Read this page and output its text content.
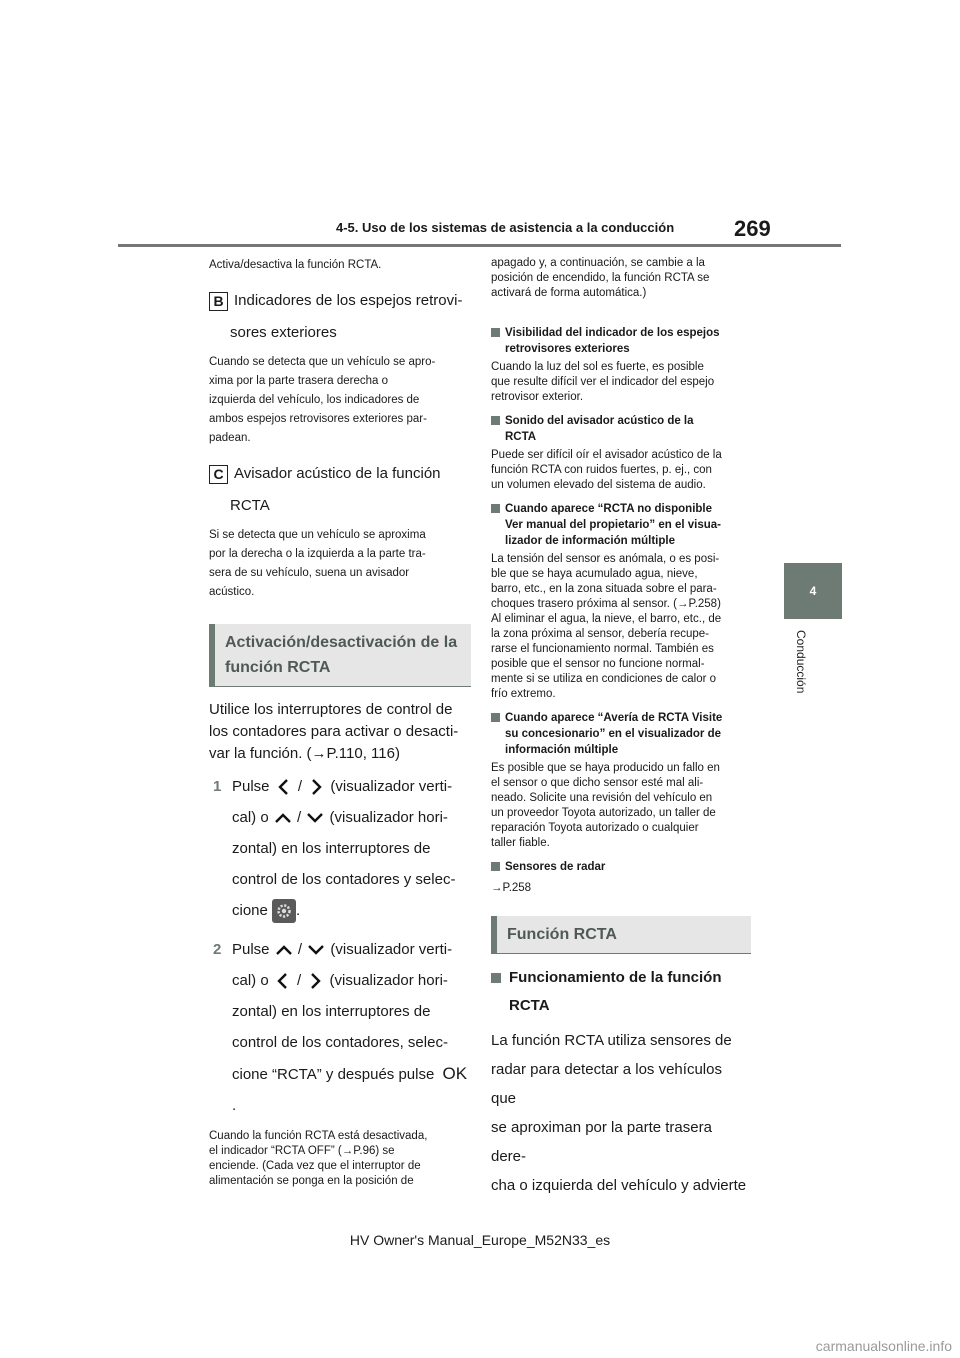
4-5. Uso de los sistemas de asistencia a la conducción	269
4
Conducción

Activa/desactiva la función RCTA.

B Indicadores de los espejos retrovi-
sores exteriores

Cuando se detecta que un vehículo se apro-

xima por la parte trasera derecha o

izquierda del vehículo, los indicadores de

ambos espejos retrovisores exteriores par-

padean.

C Avisador acústico de la función
RCTA

Si se detecta que un vehículo se aproxima

por la derecha o la izquierda a la parte tra-

sera de su vehículo, suena un avisador

acústico.

Activación/desactivación de la función RCTA

Utilice los interruptores de control de

los contadores para activar o desacti-

var la función. (→P.110, 116)

1 Pulse / (visualizador verti-

cal) o / (visualizador hori-

zontal) en los interruptores de

control de los contadores y selec-

cione .

2 Pulse / (visualizador verti-

cal) o / (visualizador hori-

zontal) en los interruptores de

control de los contadores, selec-

cione “RCTA” y después pulse OK .

Cuando la función RCTA está desactivada,

el indicador “RCTA OFF” (→P.96) se

enciende. (Cada vez que el interruptor de

alimentación se ponga en la posición de

apagado y, a continuación, se cambie a la

posición de encendido, la función RCTA se

activará de forma automática.)

Visibilidad del indicador de los espejos
retrovisores exteriores

Cuando la luz del sol es fuerte, es posible

que resulte difícil ver el indicador del espejo

retrovisor exterior.

Sonido del avisador acústico de la
RCTA

Puede ser difícil oír el avisador acústico de la

función RCTA con ruidos fuertes, p. ej., con

un volumen elevado del sistema de audio.

Cuando aparece “RCTA no disponible
Ver manual del propietario” en el visua-
lizador de información múltiple

La tensión del sensor es anómala, o es posi-

ble que se haya acumulado agua, nieve,

barro, etc., en la zona situada sobre el para-

choques trasero próxima al sensor. (→P.258)

Al eliminar el agua, la nieve, el barro, etc., de

la zona próxima al sensor, debería recupe-

rarse el funcionamiento normal. También es

posible que el sensor no funcione normal-

mente si se utiliza en condiciones de calor o

frío extremo.

Cuando aparece “Avería de RCTA Visite
su concesionario” en el visualizador de
información múltiple

Es posible que se haya producido un fallo en

el sensor o que dicho sensor esté mal ali-

neado. Solicite una revisión del vehículo en

un proveedor Toyota autorizado, un taller de

reparación Toyota autorizado o cualquier

taller fiable.

Sensores de radar

→P.258

Función RCTA

Funcionamiento de la función
RCTA

La función RCTA utiliza sensores de

radar para detectar a los vehículos que

se aproximan por la parte trasera dere-

cha o izquierda del vehículo y advierte

HV Owner's Manual_Europe_M52N33_es
carmanualsonline.info
